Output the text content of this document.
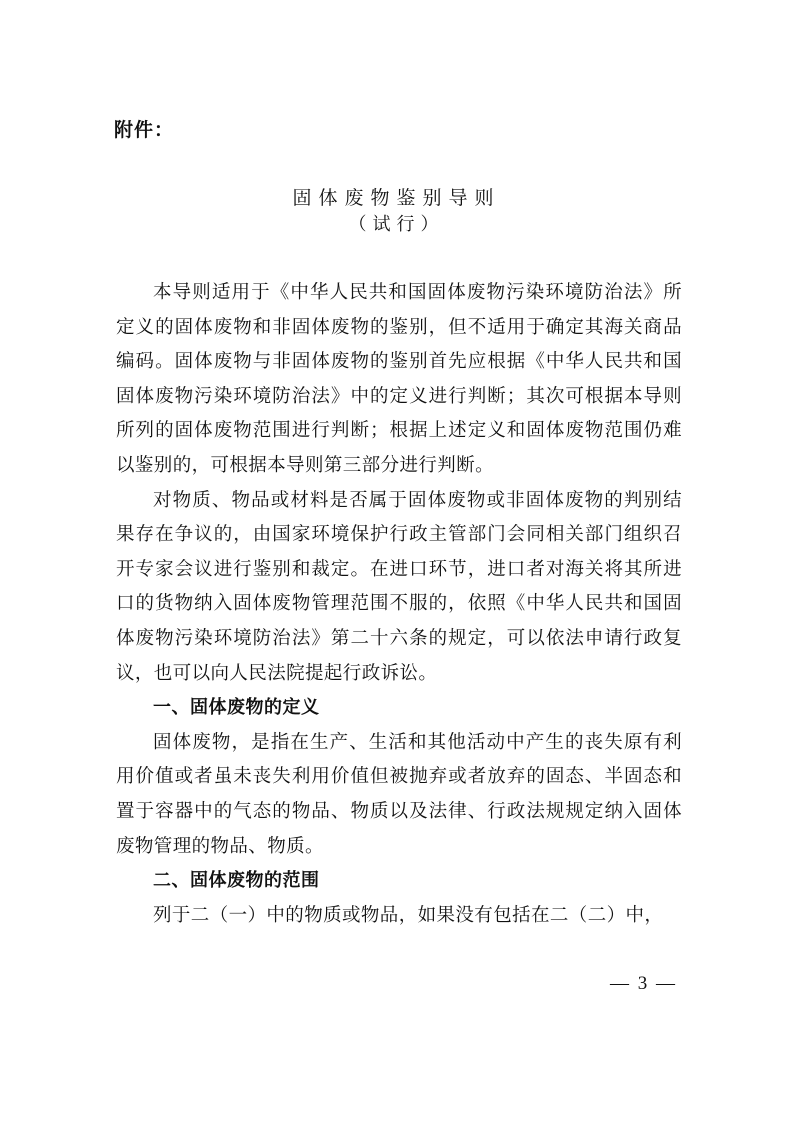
附件：
固体废物鉴别导则
（试行）

本导则适用于《中华人民共和国固体废物污染环境防治法》所定义的固体废物和非固体废物的鉴别，但不适用于确定其海关商品编码。固体废物与非固体废物的鉴别首先应根据《中华人民共和国固体废物污染环境防治法》中的定义进行判断；其次可根据本导则所列的固体废物范围进行判断；根据上述定义和固体废物范围仍难以鉴别的，可根据本导则第三部分进行判断。

对物质、物品或材料是否属于固体废物或非固体废物的判别结果存在争议的，由国家环境保护行政主管部门会同相关部门组织召开专家会议进行鉴别和裁定。在进口环节，进口者对海关将其所进口的货物纳入固体废物管理范围不服的，依照《中华人民共和国固体废物污染环境防治法》第二十六条的规定，可以依法申请行政复议，也可以向人民法院提起行政诉讼。

一、固体废物的定义

固体废物，是指在生产、生活和其他活动中产生的丧失原有利用价值或者虽未丧失利用价值但被抛弃或者放弃的固态、半固态和置于容器中的气态的物品、物质以及法律、行政法规规定纳入固体废物管理的物品、物质。

二、固体废物的范围

列于二（一）中的物质或物品，如果没有包括在二（二）中，

— 3 —
